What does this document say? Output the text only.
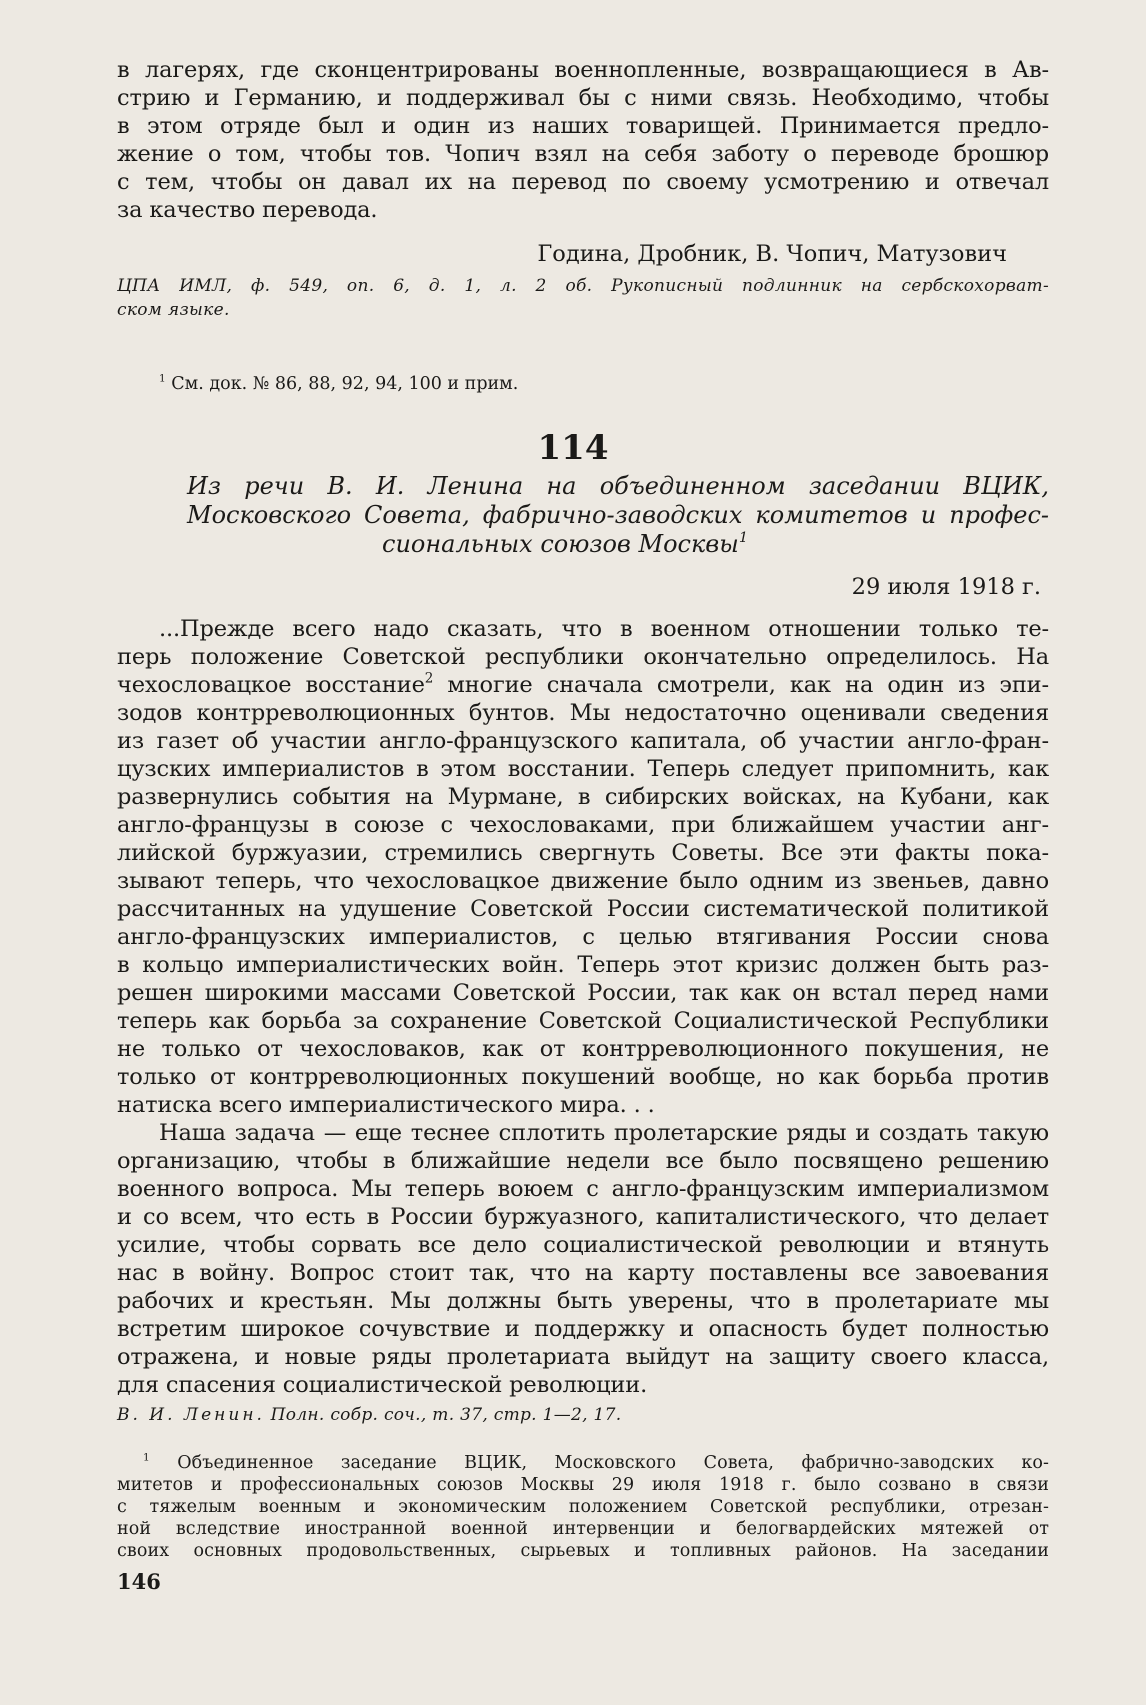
в лагерях, где сконцентрированы военнопленные, возвращающиеся в Ав-
стрию и Германию, и поддерживал бы с ними связь. Необходимо, чтобы
в этом отряде был и один из наших товарищей. Принимается предло-
жение о том, чтобы тов. Чопич взял на себя заботу о переводе брошюр
с тем, чтобы он давал их на перевод по своему усмотрению и отвечал
за качество перевода.
Година, Дробник, В. Чопич, Матузович
ЦПА ИМЛ, ф. 549, оп. 6, д. 1, л. 2 об. Рукописный подлинник на сербскохорват-
ском языке.
$^1$ См. док. № 86, 88, 92, 94, 100 и прим.
114
Из речи В. И. Ленина на объединенном заседании ВЦИК,
Московского Совета, фабрично-заводских комитетов и профес-
сиональных союзов Москвы$^1$
29 июля 1918 г.
...Прежде всего надо сказать, что в военном отношении только те-
перь положение Советской республики окончательно определилось. На
чехословацкое восстание$^2$ многие сначала смотрели, как на один из эпи-
зодов контрреволюционных бунтов. Мы недостаточно оценивали сведения
из газет об участии англо-французского капитала, об участии англо-фран-
цузских империалистов в этом восстании. Теперь следует припомнить, как
развернулись события на Мурмане, в сибирских войсках, на Кубани, как
англо-французы в союзе с чехословаками, при ближайшем участии анг-
лийской буржуазии, стремились свергнуть Советы. Все эти факты пока-
зывают теперь, что чехословацкое движение было одним из звеньев, давно
рассчитанных на удушение Советской России систематической политикой
англо-французских империалистов, с целью втягивания России снова
в кольцо империалистических войн. Теперь этот кризис должен быть раз-
решен широкими массами Советской России, так как он встал перед нами
теперь как борьба за сохранение Советской Социалистической Республики
не только от чехословаков, как от контрреволюционного покушения, не
только от контрреволюционных покушений вообще, но как борьба против
натиска всего империалистического мира. . .
Наша задача — еще теснее сплотить пролетарские ряды и создать такую
организацию, чтобы в ближайшие недели все было посвящено решению
военного вопроса. Мы теперь воюем с англо-французским империализмом
и со всем, что есть в России буржуазного, капиталистического, что делает
усилие, чтобы сорвать все дело социалистической революции и втянуть
нас в войну. Вопрос стоит так, что на карту поставлены все завоевания
рабочих и крестьян. Мы должны быть уверены, что в пролетариате мы
встретим широкое сочувствие и поддержку и опасность будет полностью
отражена, и новые ряды пролетариата выйдут на защиту своего класса,
для спасения социалистической революции.
В. И. Ленин. Полн. собр. соч., т. 37, стр. 1—2, 17.
$^1$ Объединенное заседание ВЦИК, Московского Совета, фабрично-заводских ко-
митетов и профессиональных союзов Москвы 29 июля 1918 г. было созвано в связи
с тяжелым военным и экономическим положением Советской республики, отрезан-
ной вследствие иностранной военной интервенции и белогвардейских мятежей от
своих основных продовольственных, сырьевых и топливных районов. На заседании
146
